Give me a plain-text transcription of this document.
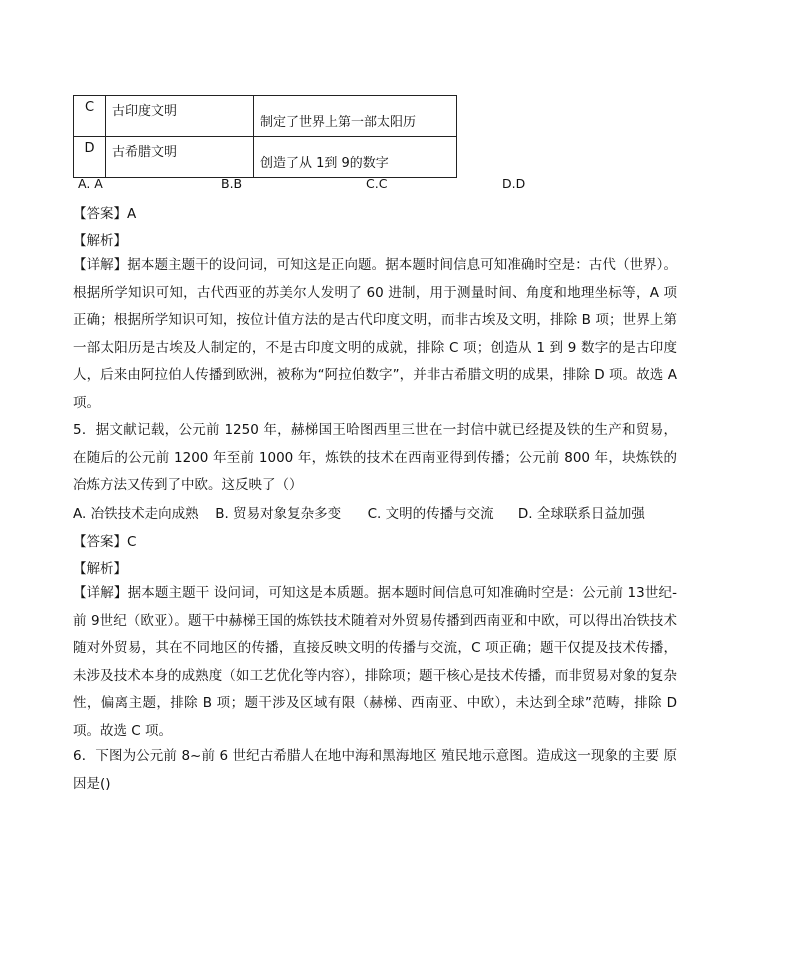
C	古印度文明	制定了世界上第一部太阳历
D	古希腊文明	创造了从 1到 9的数字
A. A	B.B	C.C	D.D
【答案】A
【解析】
【详解】据本题主题干的设问词，可知这是正向题。据本题时间信息可知准确时空是：古代（世界）。根据所学知识可知，古代西亚的苏美尔人发明了 60 进制，用于测量时间、角度和地理坐标等，A 项正确；根据所学知识可知，按位计值方法的是古代印度文明，而非古埃及文明，排除 B 项；世界上第一部太阳历是古埃及人制定的，不是古印度文明的成就，排除 C 项；创造从 1 到 9 数字的是古印度人，后来由阿拉伯人传播到欧洲，被称为“阿拉伯数字”，并非古希腊文明的成果，排除 D 项。故选 A 项。
5．据文献记载，公元前 1250 年，赫梯国王哈图西里三世在一封信中就已经提及铁的生产和贸易，在随后的公元前 1200 年至前 1000 年，炼铁的技术在西南亚得到传播；公元前 800 年，块炼铁的冶炼方法又传到了中欧。这反映了（）
A. 冶铁技术走向成熟 B. 贸易对象复杂多变 C. 文明的传播与交流 D. 全球联系日益加强
【答案】C
【解析】
【详解】据本题主题干 设问词，可知这是本质题。据本题时间信息可知准确时空是：公元前 13世纪-前 9世纪（欧亚）。题干中赫梯王国的炼铁技术随着对外贸易传播到西南亚和中欧，可以得出冶铁技术随对外贸易，其在不同地区的传播，直接反映文明的传播与交流，C 项正确；题干仅提及技术传播，未涉及技术本身的成熟度（如工艺优化等内容），排除项；题干核心是技术传播，而非贸易对象的复杂性，偏离主题，排除 B 项；题干涉及区域有限（赫梯、西南亚、中欧），未达到全球”范畴，排除 D 项。故选 C 项。
6．下图为公元前 8~前 6 世纪古希腊人在地中海和黑海地区 殖民地示意图。造成这一现象的主要 原因是()
